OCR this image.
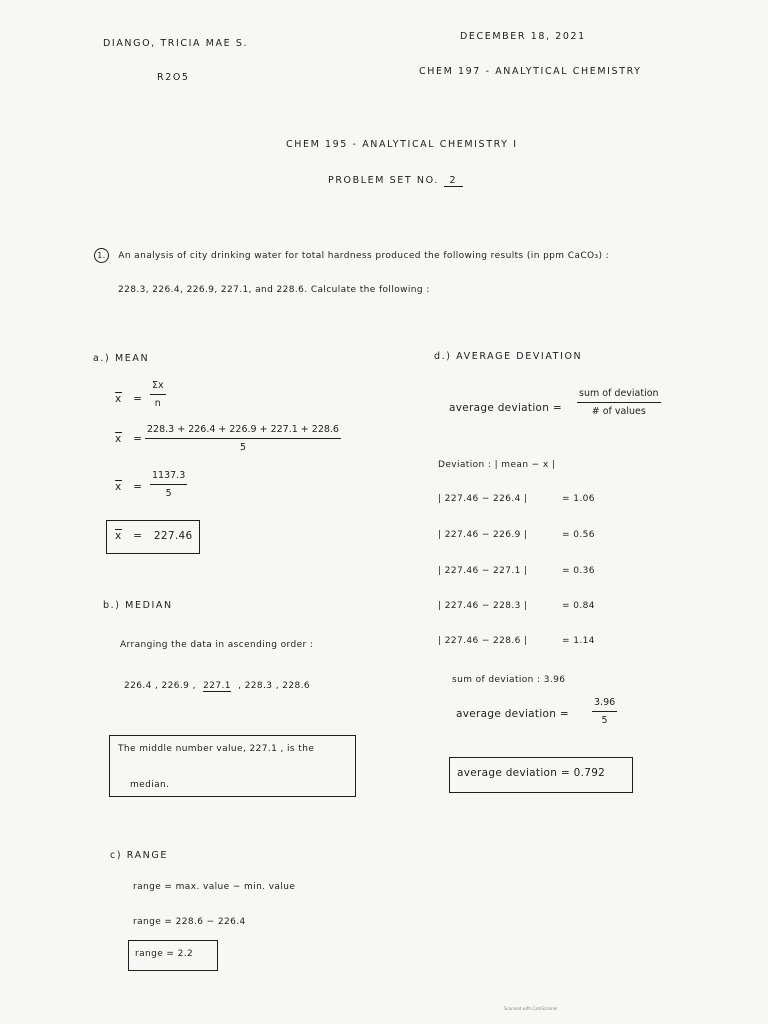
DIANGO, TRICIA MAE S.
DECEMBER 18, 2021
R2O5
CHEM 197 - ANALYTICAL CHEMISTRY
CHEM 195 - ANALYTICAL CHEMISTRY I
PROBLEM SET NO. 2
1. An analysis of city drinking water for total hardness produced the following results (in ppm CaCO₃) :
228.3, 226.4, 226.9, 227.1, and 228.6. Calculate the following :
a.) MEAN
x =
Σx
n
x =
228.3 + 226.4 + 226.9 + 227.1 + 228.6
5
x =
1137.3
5
x = 227.46
b.) MEDIAN
Arranging the data in ascending order :
226.4 , 226.9 , 227.1 , 228.3 , 228.6
The middle number value, 227.1 , is the
median.
c) RANGE
range = max. value − min. value
range = 228.6 − 226.4
range = 2.2
d.) AVERAGE DEVIATION
average deviation =
sum of deviation
# of values
Deviation : | mean − x |
| 227.46 − 226.4 |	= 1.06
| 227.46 − 226.9 |	= 0.56
| 227.46 − 227.1 |	= 0.36
| 227.46 − 228.3 |	= 0.84
| 227.46 − 228.6 |	= 1.14
sum of deviation : 3.96
average deviation =
3.96
5
average deviation = 0.792
Scanned with CamScanner
